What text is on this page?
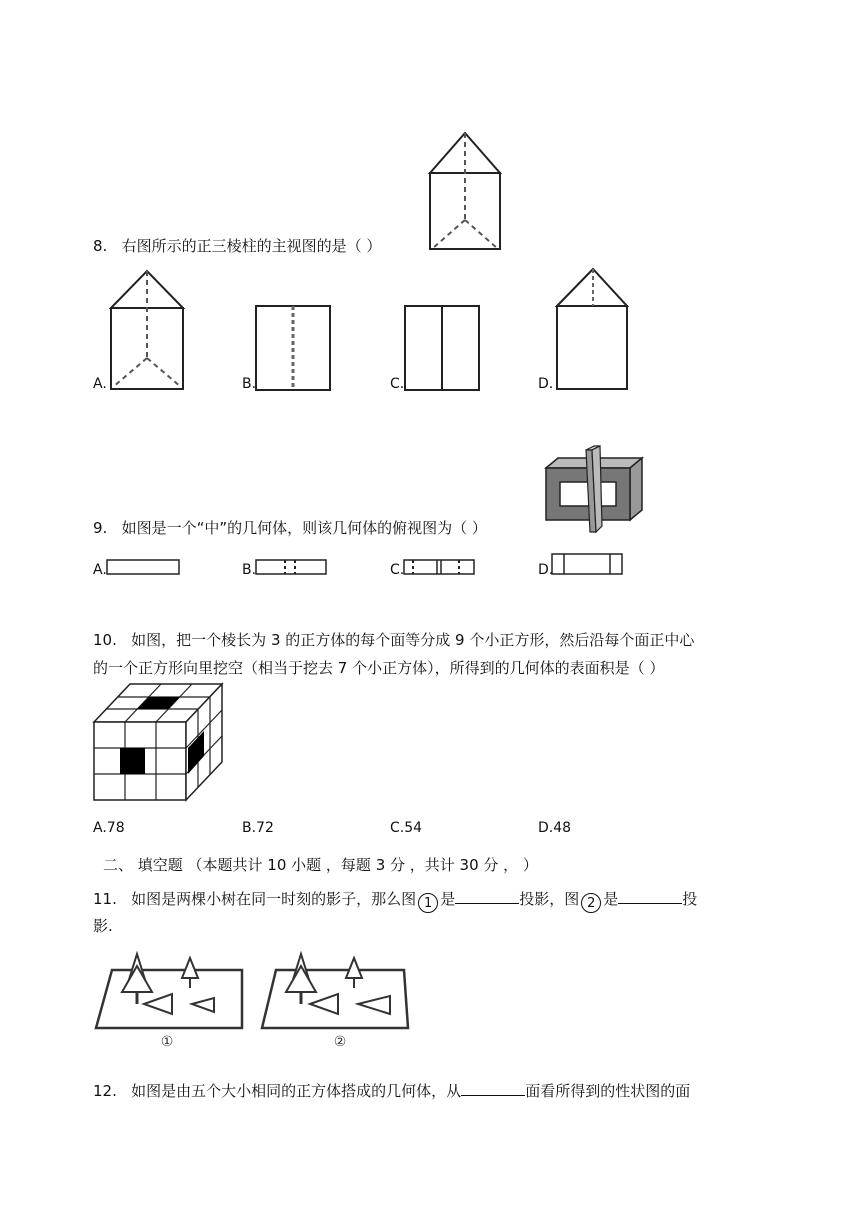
8. 右图所示的正三棱柱的主视图的是（ ）
A.	B.	C.	D.
9. 如图是一个“中”的几何体，则该几何体的俯视图为（ ）
A.	B.	C.	D.
10. 如图，把一个棱长为 3 的正方体的每个面等分成 9 个小正方形，然后沿每个面正中心
的一个正方形向里挖空（相当于挖去 7 个小正方体），所得到的几何体的表面积是（ ）
A.78	B.72	C.54	D.48
二、 填空题 （本题共计 10 小题 ，每题 3 分 ，共计 30 分 ， ）
11. 如图是两棵小树在同一时刻的影子，那么图 1 是	投影，图 2 是	投
影.
①	②
12. 如图是由五个大小相同的正方体搭成的几何体，从	面看所得到的性状图的面
